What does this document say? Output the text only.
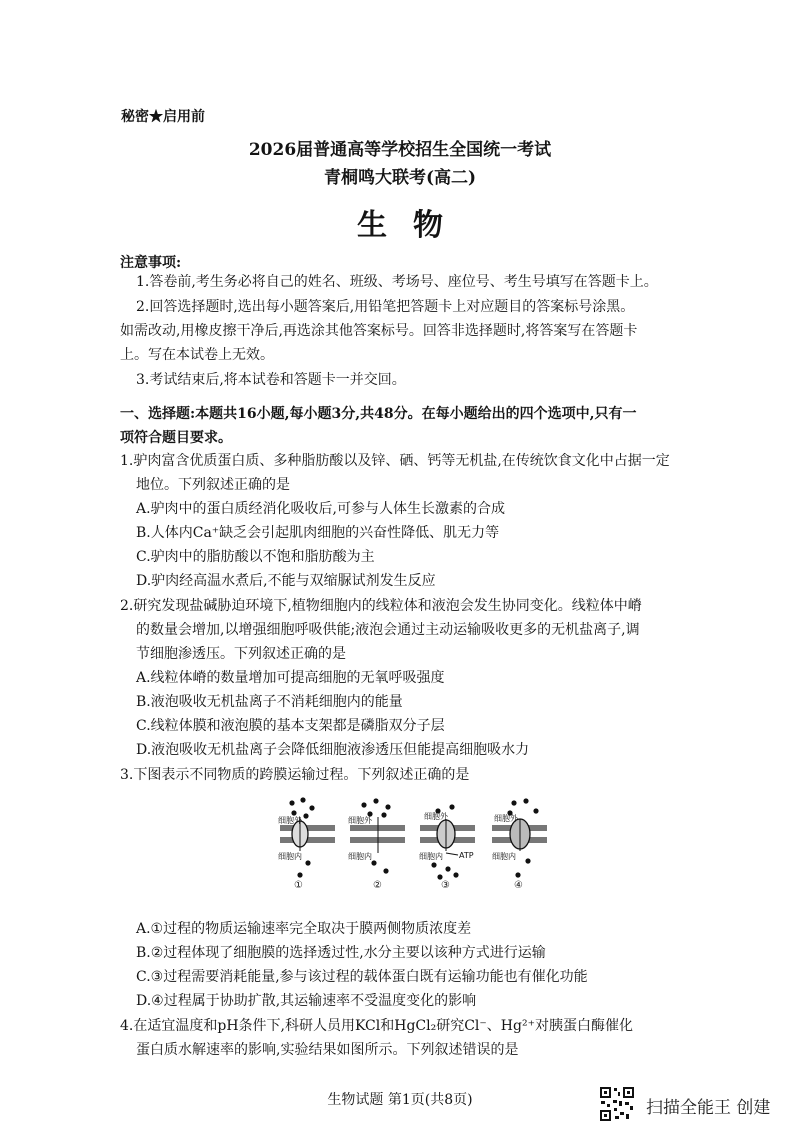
秘密★启用前
2026届普通高等学校招生全国统一考试
青桐鸣大联考(高二)
生物
注意事项:
1.答卷前,考生务必将自己的姓名、班级、考场号、座位号、考生号填写在答题卡上。
2.回答选择题时,选出每小题答案后,用铅笔把答题卡上对应题目的答案标号涂黑。
如需改动,用橡皮擦干净后,再选涂其他答案标号。回答非选择题时,将答案写在答题卡
上。写在本试卷上无效。
3.考试结束后,将本试卷和答题卡一并交回。
一、选择题:本题共16小题,每小题3分,共48分。在每小题给出的四个选项中,只有一
项符合题目要求。
1.驴肉富含优质蛋白质、多种脂肪酸以及锌、硒、钙等无机盐,在传统饮食文化中占据一定
地位。下列叙述正确的是
A.驴肉中的蛋白质经消化吸收后,可参与人体生长激素的合成
B.人体内Ca⁺缺乏会引起肌肉细胞的兴奋性降低、肌无力等
C.驴肉中的脂肪酸以不饱和脂肪酸为主
D.驴肉经高温水煮后,不能与双缩脲试剂发生反应
2.研究发现盐碱胁迫环境下,植物细胞内的线粒体和液泡会发生协同变化。线粒体中嵴
的数量会增加,以增强细胞呼吸供能;液泡会通过主动运输吸收更多的无机盐离子,调
节细胞渗透压。下列叙述正确的是
A.线粒体嵴的数量增加可提高细胞的无氧呼吸强度
B.液泡吸收无机盐离子不消耗细胞内的能量
C.线粒体膜和液泡膜的基本支架都是磷脂双分子层
D.液泡吸收无机盐离子会降低细胞液渗透压但能提高细胞吸水力
3.下图表示不同物质的跨膜运输过程。下列叙述正确的是
细胞外
细胞内
①
细胞外
细胞内
②
细胞外
细胞内 ATP
③
细胞外
细胞内
④
A.①过程的物质运输速率完全取决于膜两侧物质浓度差
B.②过程体现了细胞膜的选择透过性,水分主要以该种方式进行运输
C.③过程需要消耗能量,参与该过程的载体蛋白既有运输功能也有催化功能
D.④过程属于协助扩散,其运输速率不受温度变化的影响
4.在适宜温度和pH条件下,科研人员用KCl和HgCl₂研究Cl⁻、Hg²⁺对胰蛋白酶催化
蛋白质水解速率的影响,实验结果如图所示。下列叙述错误的是
生物试题 第1页(共8页)	扫描全能王 创建
